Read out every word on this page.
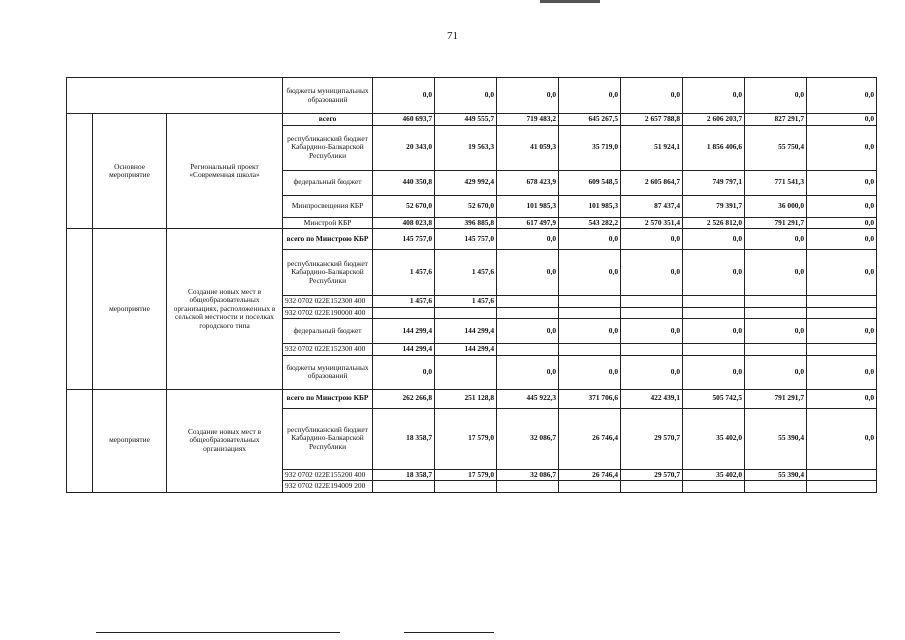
71
			бюджеты муниципальных образований	0,0	0,0	0,0	0,0	0,0	0,0	0,0	0,0
	Основное мероприятие	Региональный проект «Современная школа»	всего	460 693,7	449 555,7	719 483,2	645 267,5	2 657 788,8	2 606 203,7	827 291,7	0,0
			республиканский бюджет Кабардино-Балкарской Республики	20 343,0	19 563,3	41 059,3	35 719,0	51 924,1	1 856 406,6	55 750,4	0,0
			федеральный бюджет	440 350,8	429 992,4	678 423,9	609 548,5	2 605 864,7	749 797,1	771 541,3	0,0
			Минпросвещения КБР	52 670,0	52 670,0	101 985,3	101 985,3	87 437,4	79 391,7	36 000,0	0,0
			Минстрой КБР	408 023,8	396 885,8	617 497,9	543 282,2	2 570 351,4	2 526 812,0	791 291,7	0,0
	мероприятие	Создание новых мест в общеобразовательных организациях, расположенных в сельской местности и поселках городского типа	всего по Минстрою КБР	145 757,0	145 757,0	0,0	0,0	0,0	0,0	0,0	0,0
			республиканский бюджет Кабардино-Балкарской Республики	1 457,6	1 457,6	0,0	0,0	0,0	0,0	0,0	0,0
			932 0702 022E152300 400	1 457,6	1 457,6						
			932 0702 022E190000 400								
			федеральный бюджет	144 299,4	144 299,4	0,0	0,0	0,0	0,0	0,0	0,0
			932 0702 022E152300 400	144 299,4	144 299,4						
			бюджеты муниципальных образований	0,0		0,0	0,0	0,0	0,0	0,0	0,0
	мероприятие	Создание новых мест в общеобразовательных организациях	всего по Минстрою КБР	262 266,8	251 128,8	445 922,3	371 706,6	422 439,1	505 742,5	791 291,7	0,0
			республиканский бюджет Кабардино-Балкарской Республики	18 358,7	17 579,0	32 086,7	26 746,4	29 570,7	35 402,0	55 390,4	0,0
			932 0702 022E155200 400	18 358,7	17 579,0	32 086,7	26 746,4	29 570,7	35 402,0	55 390,4	
			932 0702 022E194009 200								
